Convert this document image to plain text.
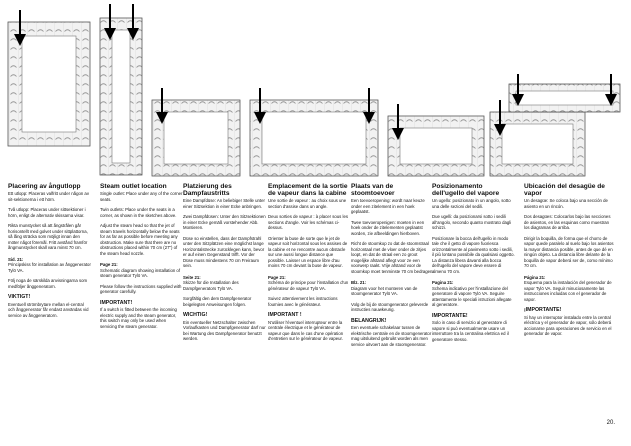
Placering av ångutlopp

Ett utlopp: Placeras valfritt under någon av sit-sektionerna i ett hörn.

Två utlopp: Placeras under sittsektioner i hörn, enligt de alternativ skissarna visar.

Rikta munstycket så att ångstrålen går horisontellt med golvet under sittplattorna, så lång sträcka som möjligt innan den möter något föremål. Fritt avstånd framför ångmunstycket skall vara minst 70 cm.

Sid. 21:
Principskiss för installation av ånggenerator Tylö VA.

Följ noga de särskilda anvisningarna som medföljer ånggeneratorn.

VIKTIGT!

Eventuell strömbrytare mellan el-central och ånggenerator får endast användas vid service av ånggeneratorn.

Steam outlet location

Single outlet: Place under any of the corner seats.

Twin outlets: Place under the seats in a corner, as shown in the sketches above.

Adjust the steam head so that the jet of steam travels horizontally below the seats for as far as possible before meeting any obstruction. Make sure that there are no obstructions placed within 70 cm (27") of the steam head nozzle.

Page 21:
Schematic diagram showing installation of steam generator Tylö VA.

Please follow the instructions supplied with generator carefully.

IMPORTANT!

If a switch is fitted between the incoming electric supply and the steam generator, this switch may only be used when servicing the steam generator.

Platzierung des Dampfaustritts

Eine Dampfdüse: An beliebiger Stelle unter einer Sitzsektion in einer Ecke anbringen.

Zwei Dampfdüsen: Unter den Sitzsektionen in einer Ecke gemäß vorstehender Abb. Montieren.

Düse so einstellen, dass der Dampfstrahl unter den Sitzplätzen eine möglichst lange Horizontalstrecke zurücklegen kann, bevor er auf einen Gegenstand trifft. Vor der Düse muss mindestens 70 cm Freiraum sein.

Seite 21:
Skizze für die Installation des Dampfgenerators Tylö VA.

Sorgfältig den dem Dampfgenerator beigelegten Anweisungen folgen.

WICHTIG!

Ein eventueller Netzschalter zwischen Vorlaufkasten und Dampfgenerator darf nur bei Wartung des Dampfgenerator benutzt werden.

Emplacement de la sortie de vapeur dans la cabine

Une sortie de vapeur : au choix sous une section d'assise dans un angle.

Deux sorties de vapeur : à placer sous les sections d'angle. Voir les schémas ci-dessus.

Orienter la buse de sorte que le jet de vapeur soit horizontal sous les assises de la cabine et ne rencontre aucun obstacle sur une aussi longue distance que possible. Laisser un espace libre d'au moins 70 cm devant la buse de vapeur.

Page 21:
Schéma de principe pour l'installation d'un générateur de vapeur Tylö VA.

Suivez attentivement les instructions fournies avec le générateur.

IMPORTANT !

N'utiliser l'éventuel interrupteur entre la centrale électrique et le générateur de vapeur que dans le cas d'une opération d'entretien sur le générateur de vapeur.

Plaats van de stoomtoevoer

Een toevoeropening: wordt naar keuze onder een zitelement in een hoek geplaatst.

Twee toevoeropenigen: moeten in een hoek onder de zitelementen geplaatst worden, zie afbeeldingen hierboven.

Richt de stoomkop zo dat de stoomstraal horizontaal met de vloer onder de zitjes loopt, en dat de straal een zo groot mogelijke afstand aflegt voor ze een voorwerp raakt. Vrije afstand voor de stoomkop moet tenminste 70 cm bedragen.

Blz. 21:
Diagram voor het monteren van de stoomgenerator Tylö VA.

Volg de bij de stoomgenerator geleverde instructies nauwkeurig.

BELANGRIJK!

Een eventuele schakelaar tussen de elektrische centrale en de stoomgenerator mag uitsluitend gebruikt worden als men service uitvoert aan de stoomgenerator.

Posizionamento dell'ugello del vapore

Un ugello: posizionato in un angolo, sotto una delle sezioni del sedili.

Due ugelli: da posizionarsi sotto i sedili all'angolo, secondo quanto mostrato dagli schizzi.

Posizionare la bocca dell'ugello in modo tale che il getto di vapore fuoriesca orizzontalmente al pavimento sotto i sedili, il più lontano possibile da qualsiasi oggetto. La distanza libera davanti alla bocca dell'ugello del vapore deve essere di almeno 70 cm.

Pagina 21:
Schema indicativo per l'installazione del generatore di vapore Tylö VA. Seguire attentamente le speciali istruzioni allegate al generatore.

IMPORTANTE!

Solo in caso di servizio al generatore di vapore si può eventualmente usare un interruttore tra la centralina elettrica ed il generatore stesso.

Ubicación del desagüe de vapor

Un desagüe: Se coloca bajo una sección de asiento en un rincón.

Dos desagües: Colocarlos bajo las secciones de asientos, en las esquinas como muestran los diagramas de arriba.

Dirigir la boquilla, de forma que el chorro de vapor quede paralelo al suelo bajo los asientos la mayor distancia posible, antes de que dé en ningún objeto. La distancia libre delante de la boquilla de vapor deberá ser de, como mínimo 70 cm.

Página 21:
Esquema para la instalación del generador de vapor Tylö VA. Seguir minuciosamente las instrucciones incluidas con el generador de vapor.

¡IMPORTANTE!

Si hay un interruptor instalado entre la central eléctrica y el generador de vapor, sólo deberá accionarse para operaciones de servicio en el generador de vapor.

20.
